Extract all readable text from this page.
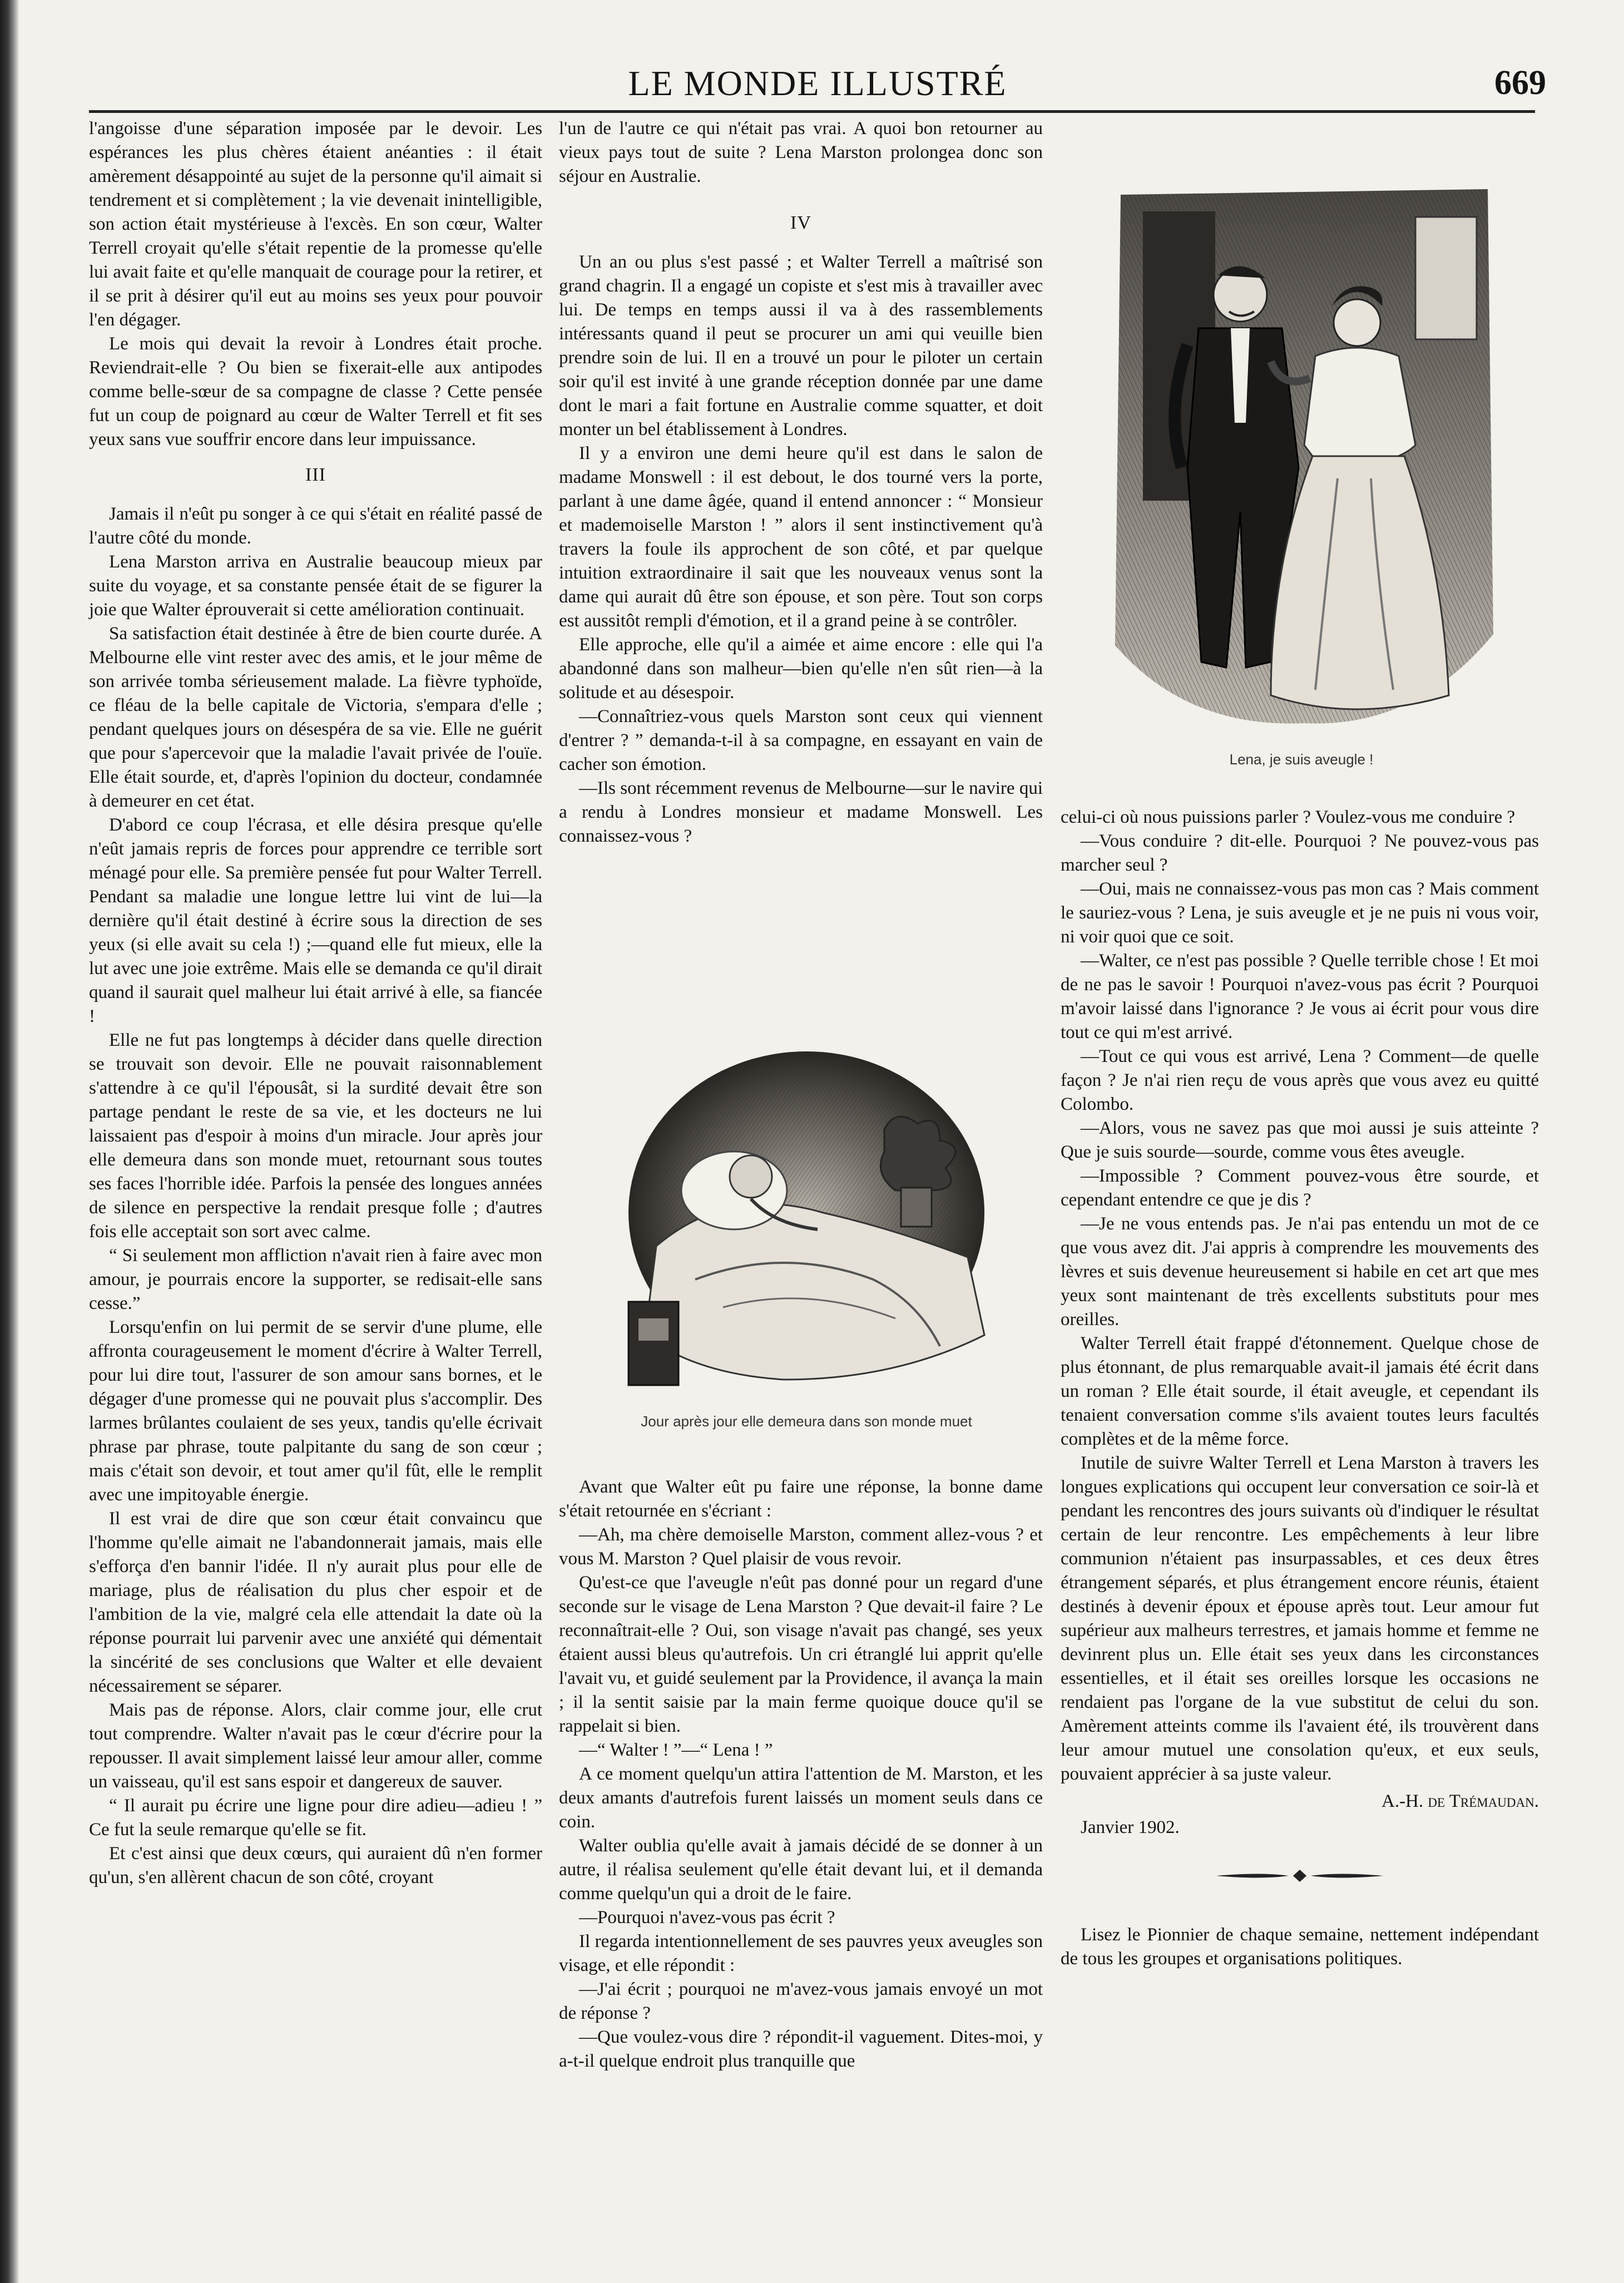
LE MONDE ILLUSTRÉ	669

l'angoisse d'une séparation imposée par le devoir. Les espérances les plus chères étaient anéanties : il était amèrement désappointé au sujet de la personne qu'il aimait si tendrement et si complètement ; la vie devenait inintelligible, son action était mystérieuse à l'excès. En son cœur, Walter Terrell croyait qu'elle s'était repentie de la promesse qu'elle lui avait faite et qu'elle manquait de courage pour la retirer, et il se prit à désirer qu'il eut au moins ses yeux pour pouvoir l'en dégager.

Le mois qui devait la revoir à Londres était proche. Reviendrait-elle ? Ou bien se fixerait-elle aux antipodes comme belle-sœur de sa compagne de classe ? Cette pensée fut un coup de poignard au cœur de Walter Terrell et fit ses yeux sans vue souffrir encore dans leur impuissance.

III

Jamais il n'eût pu songer à ce qui s'était en réalité passé de l'autre côté du monde.

Lena Marston arriva en Australie beaucoup mieux par suite du voyage, et sa constante pensée était de se figurer la joie que Walter éprouverait si cette amélioration continuait.

Sa satisfaction était destinée à être de bien courte durée. A Melbourne elle vint rester avec des amis, et le jour même de son arrivée tomba sérieusement malade. La fièvre typhoïde, ce fléau de la belle capitale de Victoria, s'empara d'elle ; pendant quelques jours on désespéra de sa vie. Elle ne guérit que pour s'apercevoir que la maladie l'avait privée de l'ouïe. Elle était sourde, et, d'après l'opinion du docteur, condamnée à demeurer en cet état.

D'abord ce coup l'écrasa, et elle désira presque qu'elle n'eût jamais repris de forces pour apprendre ce terrible sort ménagé pour elle. Sa première pensée fut pour Walter Terrell. Pendant sa maladie une longue lettre lui vint de lui—la dernière qu'il était destiné à écrire sous la direction de ses yeux (si elle avait su cela !) ;—quand elle fut mieux, elle la lut avec une joie extrême. Mais elle se demanda ce qu'il dirait quand il saurait quel malheur lui était arrivé à elle, sa fiancée !

Elle ne fut pas longtemps à décider dans quelle direction se trouvait son devoir. Elle ne pouvait raisonnablement s'attendre à ce qu'il l'épousât, si la surdité devait être son partage pendant le reste de sa vie, et les docteurs ne lui laissaient pas d'espoir à moins d'un miracle. Jour après jour elle demeura dans son monde muet, retournant sous toutes ses faces l'horrible idée. Parfois la pensée des longues années de silence en perspective la rendait presque folle ; d'autres fois elle acceptait son sort avec calme.

“ Si seulement mon affliction n'avait rien à faire avec mon amour, je pourrais encore la supporter, se redisait-elle sans cesse.”

Lorsqu'enfin on lui permit de se servir d'une plume, elle affronta courageusement le moment d'écrire à Walter Terrell, pour lui dire tout, l'assurer de son amour sans bornes, et le dégager d'une promesse qui ne pouvait plus s'accomplir. Des larmes brûlantes coulaient de ses yeux, tandis qu'elle écrivait phrase par phrase, toute palpitante du sang de son cœur ; mais c'était son devoir, et tout amer qu'il fût, elle le remplit avec une impitoyable énergie.

Il est vrai de dire que son cœur était convaincu que l'homme qu'elle aimait ne l'abandonnerait jamais, mais elle s'efforça d'en bannir l'idée. Il n'y aurait plus pour elle de mariage, plus de réalisation du plus cher espoir et de l'ambition de la vie, malgré cela elle attendait la date où la réponse pourrait lui parvenir avec une anxiété qui démentait la sincérité de ses conclusions que Walter et elle devaient nécessairement se séparer.

Mais pas de réponse. Alors, clair comme jour, elle crut tout comprendre. Walter n'avait pas le cœur d'écrire pour la repousser. Il avait simplement laissé leur amour aller, comme un vaisseau, qu'il est sans espoir et dangereux de sauver.

“ Il aurait pu écrire une ligne pour dire adieu—adieu ! ” Ce fut la seule remarque qu'elle se fit.

Et c'est ainsi que deux cœurs, qui auraient dû n'en former qu'un, s'en allèrent chacun de son côté, croyant

l'un de l'autre ce qui n'était pas vrai. A quoi bon retourner au vieux pays tout de suite ? Lena Marston prolongea donc son séjour en Australie.

IV

Un an ou plus s'est passé ; et Walter Terrell a maîtrisé son grand chagrin. Il a engagé un copiste et s'est mis à travailler avec lui. De temps en temps aussi il va à des rassemblements intéressants quand il peut se procurer un ami qui veuille bien prendre soin de lui. Il en a trouvé un pour le piloter un certain soir qu'il est invité à une grande réception donnée par une dame dont le mari a fait fortune en Australie comme squatter, et doit monter un bel établissement à Londres.

Il y a environ une demi heure qu'il est dans le salon de madame Monswell : il est debout, le dos tourné vers la porte, parlant à une dame âgée, quand il entend annoncer : “ Monsieur et mademoiselle Marston ! ” alors il sent instinctivement qu'à travers la foule ils approchent de son côté, et par quelque intuition extraordinaire il sait que les nouveaux venus sont la dame qui aurait dû être son épouse, et son père. Tout son corps est aussitôt rempli d'émotion, et il a grand peine à se contrôler.

Elle approche, elle qu'il a aimée et aime encore : elle qui l'a abandonné dans son malheur—bien qu'elle n'en sût rien—à la solitude et au désespoir.

—Connaîtriez-vous quels Marston sont ceux qui viennent d'entrer ? ” demanda-t-il à sa compagne, en essayant en vain de cacher son émotion.

—Ils sont récemment revenus de Melbourne—sur le navire qui a rendu à Londres monsieur et madame Monswell. Les connaissez-vous ?

Jour après jour elle demeura dans son monde muet

Avant que Walter eût pu faire une réponse, la bonne dame s'était retournée en s'écriant :

—Ah, ma chère demoiselle Marston, comment allez-vous ? et vous M. Marston ? Quel plaisir de vous revoir.

Qu'est-ce que l'aveugle n'eût pas donné pour un regard d'une seconde sur le visage de Lena Marston ? Que devait-il faire ? Le reconnaîtrait-elle ? Oui, son visage n'avait pas changé, ses yeux étaient aussi bleus qu'autrefois. Un cri étranglé lui apprit qu'elle l'avait vu, et guidé seulement par la Providence, il avança la main ; il la sentit saisie par la main ferme quoique douce qu'il se rappelait si bien.

—“ Walter ! ”—“ Lena ! ”

A ce moment quelqu'un attira l'attention de M. Marston, et les deux amants d'autrefois furent laissés un moment seuls dans ce coin.

Walter oublia qu'elle avait à jamais décidé de se donner à un autre, il réalisa seulement qu'elle était devant lui, et il demanda comme quelqu'un qui a droit de le faire.

—Pourquoi n'avez-vous pas écrit ?

Il regarda intentionnellement de ses pauvres yeux aveugles son visage, et elle répondit :

—J'ai écrit ; pourquoi ne m'avez-vous jamais envoyé un mot de réponse ?

—Que voulez-vous dire ? répondit-il vaguement. Dites-moi, y a-t-il quelque endroit plus tranquille que

Lena, je suis aveugle !

celui-ci où nous puissions parler ? Voulez-vous me conduire ?

—Vous conduire ? dit-elle. Pourquoi ? Ne pouvez-vous pas marcher seul ?

—Oui, mais ne connaissez-vous pas mon cas ? Mais comment le sauriez-vous ? Lena, je suis aveugle et je ne puis ni vous voir, ni voir quoi que ce soit.

—Walter, ce n'est pas possible ? Quelle terrible chose ! Et moi de ne pas le savoir ! Pourquoi n'avez-vous pas écrit ? Pourquoi m'avoir laissé dans l'ignorance ? Je vous ai écrit pour vous dire tout ce qui m'est arrivé.

—Tout ce qui vous est arrivé, Lena ? Comment—de quelle façon ? Je n'ai rien reçu de vous après que vous avez eu quitté Colombo.

—Alors, vous ne savez pas que moi aussi je suis atteinte ? Que je suis sourde—sourde, comme vous êtes aveugle.

—Impossible ? Comment pouvez-vous être sourde, et cependant entendre ce que je dis ?

—Je ne vous entends pas. Je n'ai pas entendu un mot de ce que vous avez dit. J'ai appris à comprendre les mouvements des lèvres et suis devenue heureusement si habile en cet art que mes yeux sont maintenant de très excellents substituts pour mes oreilles.

Walter Terrell était frappé d'étonnement. Quelque chose de plus étonnant, de plus remarquable avait-il jamais été écrit dans un roman ? Elle était sourde, il était aveugle, et cependant ils tenaient conversation comme s'ils avaient toutes leurs facultés complètes et de la même force.

Inutile de suivre Walter Terrell et Lena Marston à travers les longues explications qui occupent leur conversation ce soir-là et pendant les rencontres des jours suivants où d'indiquer le résultat certain de leur rencontre. Les empêchements à leur libre communion n'étaient pas insurpassables, et ces deux êtres étrangement séparés, et plus étrangement encore réunis, étaient destinés à devenir époux et épouse après tout. Leur amour fut supérieur aux malheurs terrestres, et jamais homme et femme ne devinrent plus un. Elle était ses yeux dans les circonstances essentielles, et il était ses oreilles lorsque les occasions ne rendaient pas l'organe de la vue substitut de celui du son. Amèrement atteints comme ils l'avaient été, ils trouvèrent dans leur amour mutuel une consolation qu'eux, et eux seuls, pouvaient apprécier à sa juste valeur.

A.-H. de Trémaudan.

Janvier 1902.

Lisez le Pionnier de chaque semaine, nettement indépendant de tous les groupes et organisations politiques.
